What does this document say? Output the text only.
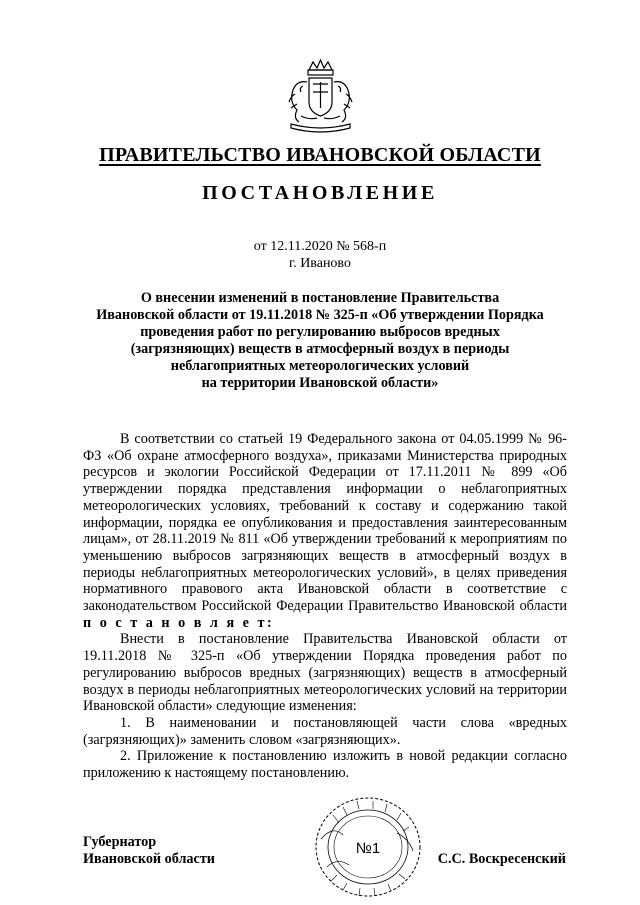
ПРАВИТЕЛЬСТВО ИВАНОВСКОЙ ОБЛАСТИ
ПОСТАНОВЛЕНИЕ
от 12.11.2020 № 568-п
г. Иваново
О внесении изменений в постановление Правительства
Ивановской области от 19.11.2018 № 325-п «Об утверждении Порядка
проведения работ по регулированию выбросов вредных
(загрязняющих) веществ в атмосферный воздух в периоды
неблагоприятных метеорологических условий
на территории Ивановской области»

В соответствии со статьей 19 Федерального закона от 04.05.1999 № 96-ФЗ «Об охране атмосферного воздуха», приказами Министерства природных ресурсов и экологии Российской Федерации от 17.11.2011 № 899 «Об утверждении порядка представления информации о неблагоприятных метеорологических условиях, требований к составу и содержанию такой информации, порядка ее опубликования и предоставления заинтересованным лицам», от 28.11.2019 № 811 «Об утверждении требований к мероприятиям по уменьшению выбросов загрязняющих веществ в атмосферный воздух в периоды неблагоприятных метеорологических условий», в целях приведения нормативного правового акта Ивановской области в соответствие с законодательством Российской Федерации Правительство Ивановской области п о с т а н о в л я е т:

Внести в постановление Правительства Ивановской области от 19.11.2018 № 325-п «Об утверждении Порядка проведения работ по регулированию выбросов вредных (загрязняющих) веществ в атмосферный воздух в периоды неблагоприятных метеорологических условий на территории Ивановской области» следующие изменения:

1. В наименовании и постановляющей части слова «вредных (загрязняющих)» заменить словом «загрязняющих».

2. Приложение к постановлению изложить в новой редакции согласно приложению к настоящему постановлению.

№1
Губернатор
Ивановской области	С.С. Воскресенский
